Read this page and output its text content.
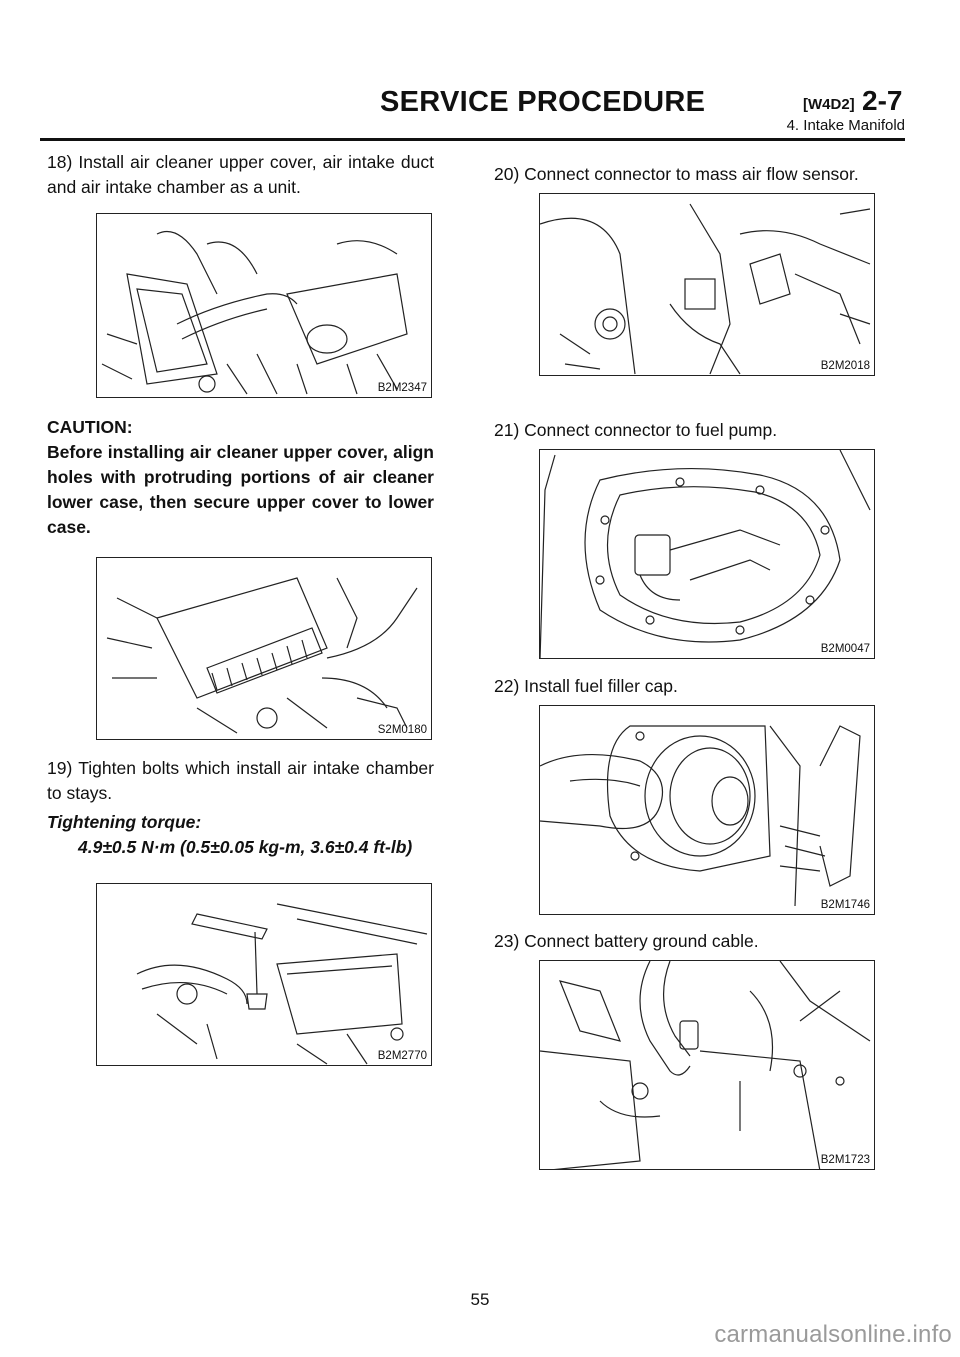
SERVICE PROCEDURE	[W4D2] 2-7
4. Intake Manifold

18) Install air cleaner upper cover, air intake duct and air intake chamber as a unit.

B2M2347
CAUTION:

Before installing air cleaner upper cover, align holes with protruding portions of air cleaner lower case, then secure upper cover to lower case.

S2M0180

19) Tighten bolts which install air intake chamber to stays.

Tightening torque:
4.9±0.5 N·m (0.5±0.05 kg-m, 3.6±0.4 ft-lb)
B2M2770

20) Connect connector to mass air flow sensor.

B2M2018

21) Connect connector to fuel pump.

B2M0047

22) Install fuel filler cap.

B2M1746

23) Connect battery ground cable.

B2M1723
55
carmanualsonline.info
